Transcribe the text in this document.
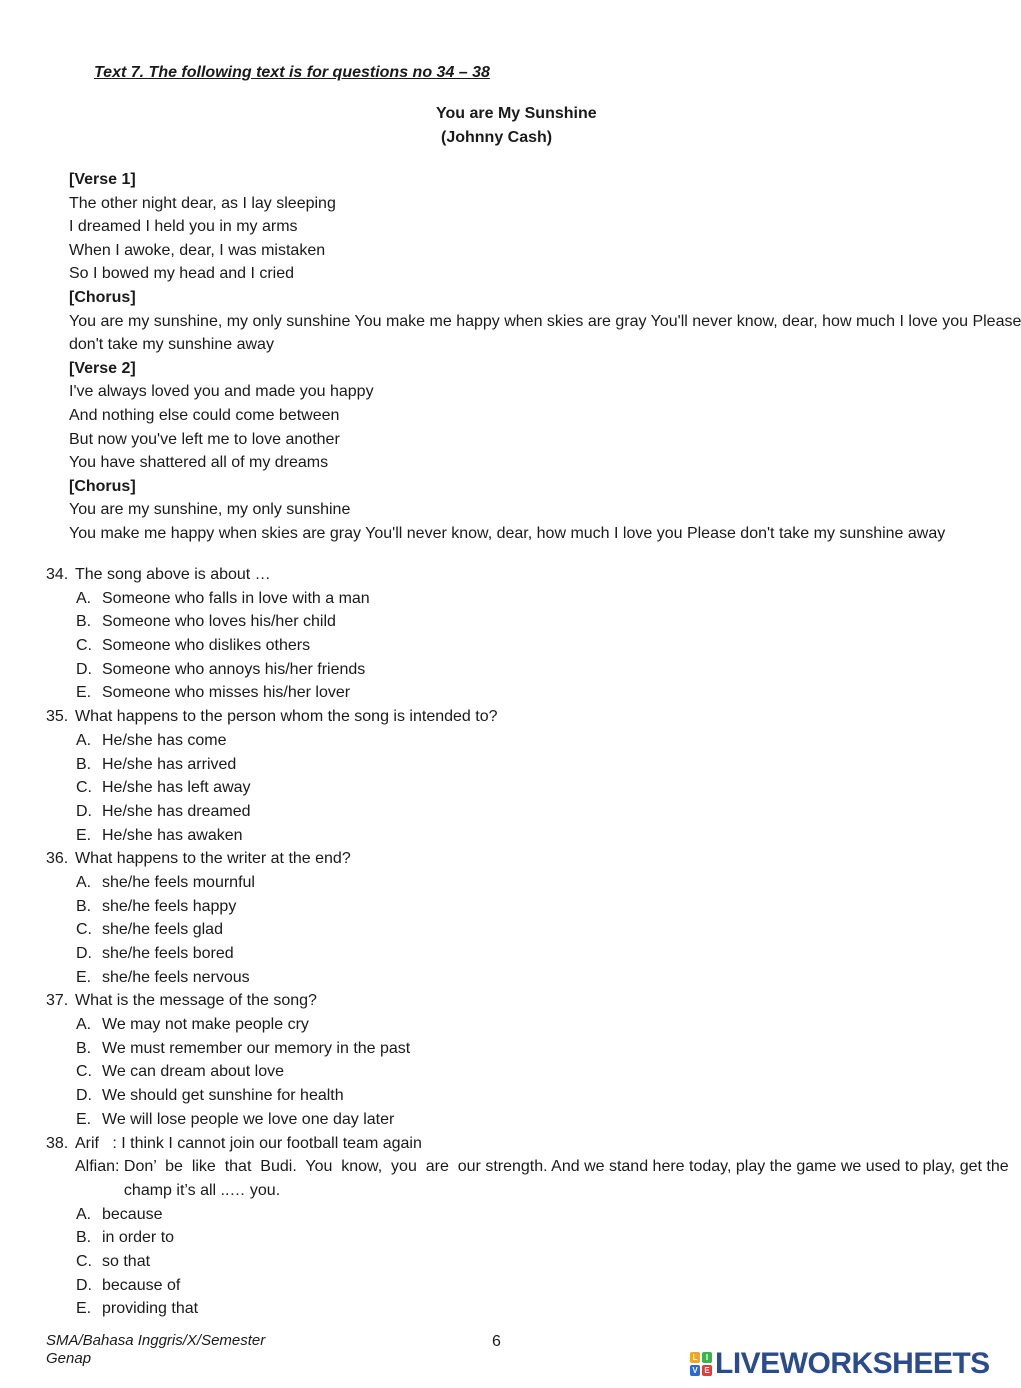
Text 7. The following text is for questions no 34 – 38

You are My Sunshine

(Johnny Cash)

[Verse 1]
The other night dear, as I lay sleeping
I dreamed I held you in my arms
When I awoke, dear, I was mistaken
So I bowed my head and I cried
[Chorus]
You are my sunshine, my only sunshine You make me happy when skies are gray You'll never know, dear, how much I love you Please
don't take my sunshine away
[Verse 2]
I've always loved you and made you happy
And nothing else could come between
But now you've left me to love another
You have shattered all of my dreams
[Chorus]
You are my sunshine, my only sunshine
You make me happy when skies are gray You'll never know, dear, how much I love you Please don't take my sunshine away
34. The song above is about …
A. Someone who falls in love with a man
B. Someone who loves his/her child
C. Someone who dislikes others
D. Someone who annoys his/her friends
E. Someone who misses his/her lover
35. What happens to the person whom the song is intended to?
A. He/she has come
B. He/she has arrived
C. He/she has left away
D. He/she has dreamed
E. He/she has awaken
36. What happens to the writer at the end?
A. she/he feels mournful
B. she/he feels happy
C. she/he feels glad
D. she/he feels bored
E. she/he feels nervous
37. What is the message of the song?
A. We may not make people cry
B. We must remember our memory in the past
C. We can dream about love
D. We should get sunshine for health
E. We will lose people we love one day later
38. Arif   : I think I cannot join our football team again
Alfian: Don’  be  like  that  Budi.  You  know,  you  are  our strength. And we stand here today, play the game we used to play, get the
champ it’s all ..… you.
A. because
B. in order to
C. so that
D. because of
E. providing that
SMA/Bahasa Inggris/X/Semester Genap
6
L	I
V E LIVEWORKSHEETS
